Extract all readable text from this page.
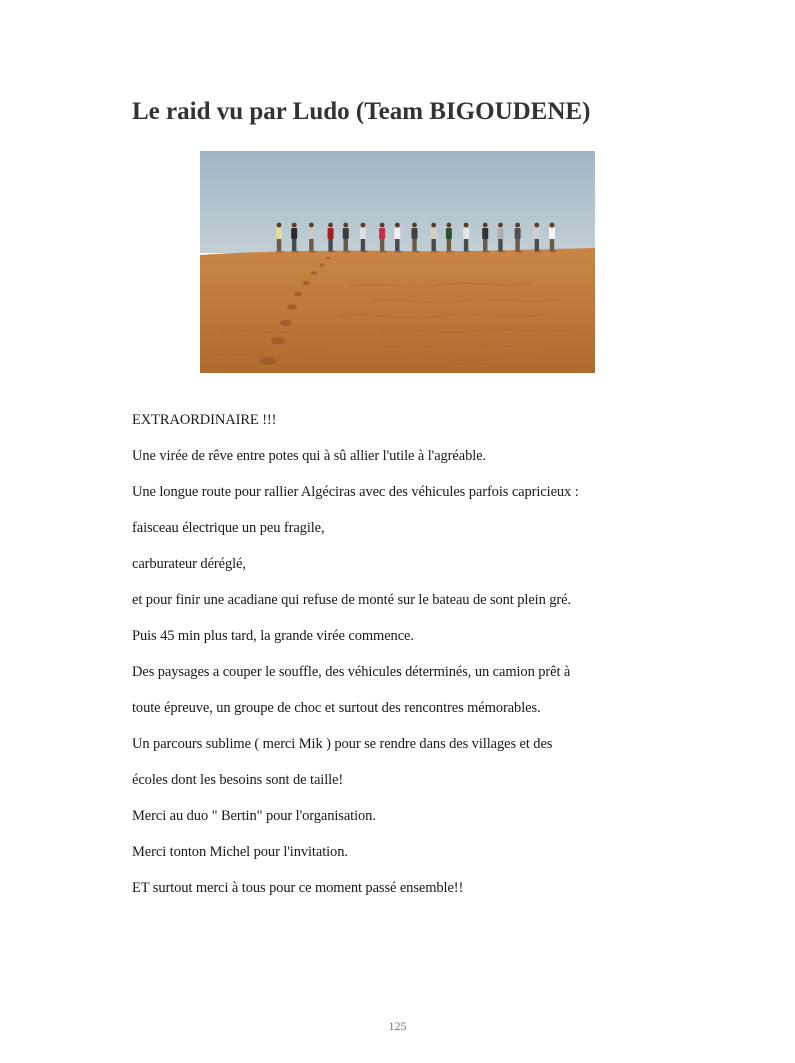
Le raid vu par Ludo (Team BIGOUDENE)
EXTRAORDINAIRE !!!
Une virée de rêve entre potes qui à sû allier l'utile à l'agréable.
Une longue route pour rallier Algéciras avec des véhicules parfois capricieux :
faisceau électrique un peu fragile,
carburateur déréglé,
et pour finir une acadiane qui refuse de monté sur le bateau de sont plein gré.
Puis 45 min plus tard, la grande virée commence.
Des paysages a couper le souffle, des véhicules déterminés, un camion prêt à
toute épreuve, un groupe de choc et surtout des rencontres mémorables.
Un parcours sublime ( merci Mik ) pour se rendre dans des villages et des
écoles dont les besoins sont de taille!
Merci au duo " Bertin" pour l'organisation.
Merci tonton Michel pour l'invitation.
ET surtout merci à tous pour ce moment passé ensemble!!
125
